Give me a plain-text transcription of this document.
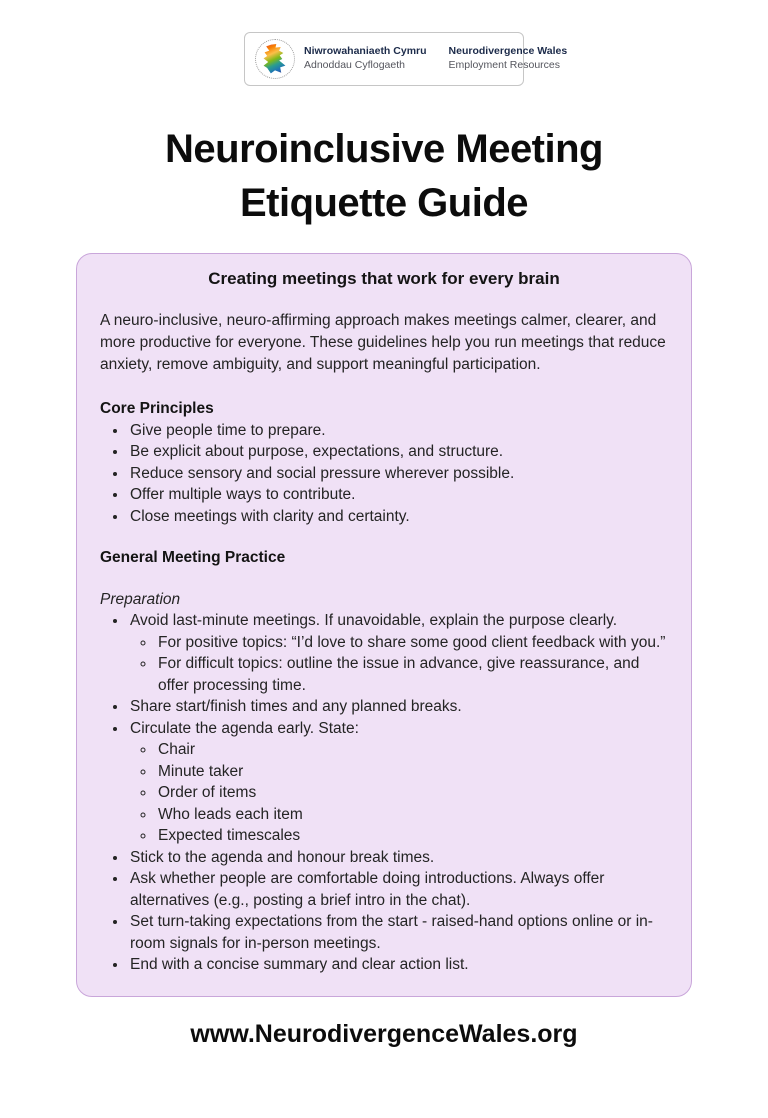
Niwrowahaniaeth Cymru
Adnoddau Cyflogaeth
Neurodivergence Wales
Employment Resources
Neuroinclusive Meeting
Etiquette Guide
Creating meetings that work for every brain

A neuro-inclusive, neuro-affirming approach makes meetings calmer, clearer, and more productive for everyone. These guidelines help you run meetings that reduce anxiety, remove ambiguity, and support meaningful participation.

Core Principles
• Give people time to prepare.
• Be explicit about purpose, expectations, and structure.
• Reduce sensory and social pressure wherever possible.
• Offer multiple ways to contribute.
• Close meetings with clarity and certainty.
General Meeting Practice
Preparation
• Avoid last-minute meetings. If unavoidable, explain the purpose clearly.
◦ For positive topics: “I’d love to share some good client feedback with you.”
◦ For difficult topics: outline the issue in advance, give reassurance, and offer processing time.
• Share start/finish times and any planned breaks.
• Circulate the agenda early. State:
◦ Chair
◦ Minute taker
◦ Order of items
◦ Who leads each item
◦ Expected timescales
• Stick to the agenda and honour break times.
• Ask whether people are comfortable doing introductions. Always offer alternatives (e.g., posting a brief intro in the chat).
• Set turn-taking expectations from the start - raised-hand options online or in-room signals for in-person meetings.
• End with a concise summary and clear action list.
www.NeurodivergenceWales.org
